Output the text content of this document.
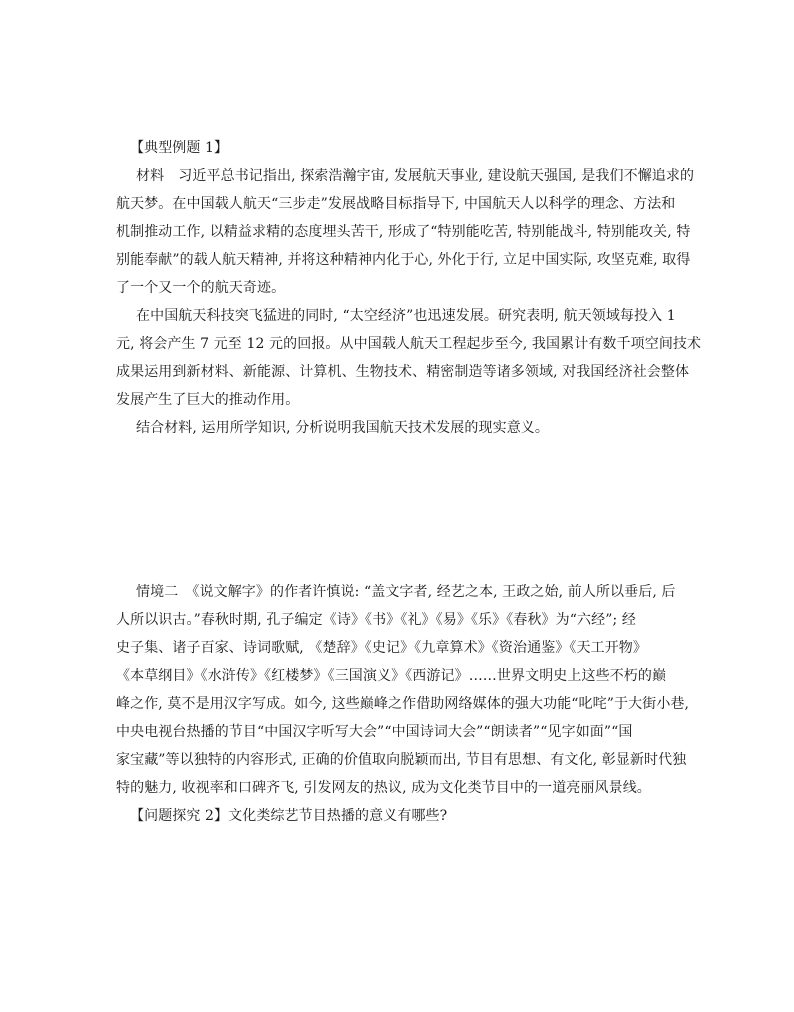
【典型例题 1】
材料　习近平总书记指出, 探索浩瀚宇宙, 发展航天事业, 建设航天强国, 是我们不懈追求的
航天梦。在中国载人航天“三步走”发展战略目标指导下, 中国航天人以科学的理念、方法和
机制推动工作, 以精益求精的态度埋头苦干, 形成了“特别能吃苦, 特别能战斗, 特别能攻关, 特
别能奉献”的载人航天精神, 并将这种精神内化于心, 外化于行, 立足中国实际, 攻坚克难, 取得
了一个又一个的航天奇迹。
在中国航天科技突飞猛进的同时, “太空经济”也迅速发展。研究表明, 航天领域每投入 1
元, 将会产生 7 元至 12 元的回报。从中国载人航天工程起步至今, 我国累计有数千项空间技术
成果运用到新材料、新能源、计算机、生物技术、精密制造等诸多领域, 对我国经济社会整体
发展产生了巨大的推动作用。
结合材料, 运用所学知识, 分析说明我国航天技术发展的现实意义。
情境二　《说文解字》的作者许慎说: “盖文字者, 经艺之本, 王政之始, 前人所以垂后, 后
人所以识古。”春秋时期, 孔子编定《诗》《书》《礼》《易》《乐》《春秋》为“六经”; 经
史子集、诸子百家、诗词歌赋, 《楚辞》《史记》《九章算术》《资治通鉴》《天工开物》
《本草纲目》《水浒传》《红楼梦》《三国演义》《西游记》……世界文明史上这些不朽的巅
峰之作, 莫不是用汉字写成。如今, 这些巅峰之作借助网络媒体的强大功能“叱咤”于大街小巷,
中央电视台热播的节目“中国汉字听写大会”“中国诗词大会”“朗读者”“见字如面”“国
家宝藏”等以独特的内容形式, 正确的价值取向脱颖而出, 节目有思想、有文化, 彰显新时代独
特的魅力, 收视率和口碑齐飞, 引发网友的热议, 成为文化类节目中的一道亮丽风景线。
【问题探究 2】文化类综艺节目热播的意义有哪些?
